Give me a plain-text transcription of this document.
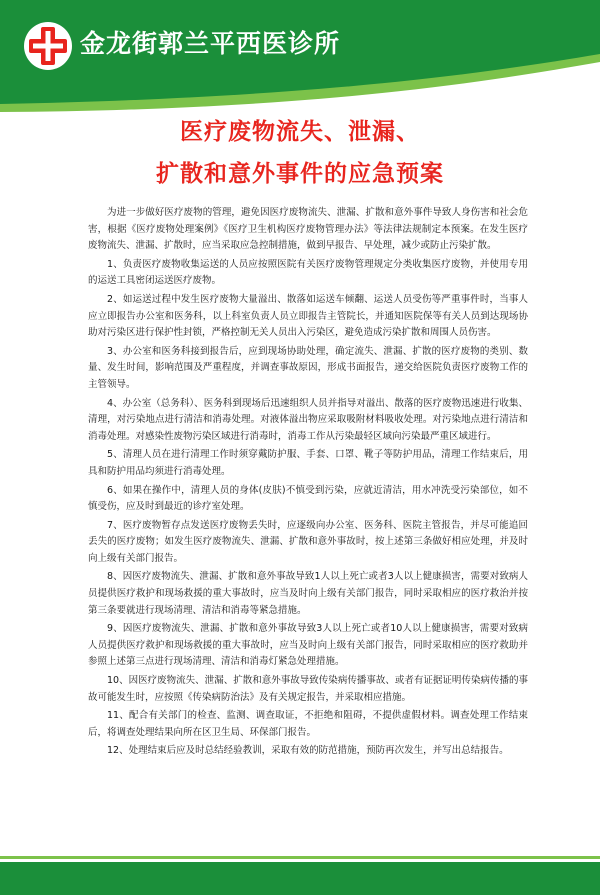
金龙街郭兰平西医诊所
医疗废物流失、泄漏、
扩散和意外事件的应急预案

为进一步做好医疗废物的管理，避免因医疗废物流失、泄漏、扩散和意外事件导致人身伤害和社会危害，根据《医疗废物处理案例》《医疗卫生机构医疗废物管理办法》等法律法规制定本预案。在发生医疗废物流失、泄漏、扩散时，应当采取应急控制措施，做到早报告、早处理，减少或防止污染扩散。

1、负责医疗废物收集运送的人员应按照医院有关医疗废物管理规定分类收集医疗废物，并使用专用的运送工具密闭运送医疗废物。

2、如运送过程中发生医疗废物大量溢出、散落如运送车倾翻、运送人员受伤等严重事件时，当事人应立即报告办公室和医务科，以上科室负责人员立即报告主管院长，并通知医院保等有关人员到达现场协助对污染区进行保护性封锁，严格控制无关人员出入污染区，避免造成污染扩散和周围人员伤害。

3、办公室和医务科接到报告后，应到现场协助处理，确定流失、泄漏、扩散的医疗废物的类别、数量、发生时间，影响范围及严重程度，并调查事故原因，形成书面报告，递交给医院负责医疗废物工作的主管领导。

4、办公室（总务科）、医务科到现场后迅速组织人员并指导对溢出、散落的医疗废物迅速进行收集、清理，对污染地点进行清洁和消毒处理。对液体溢出物应采取吸附材料吸收处理。对污染地点进行清洁和消毒处理。对感染性废物污染区域进行消毒时，消毒工作从污染最轻区域向污染最严重区域进行。

5、清理人员在进行清理工作时须穿戴防护服、手套、口罩、靴子等防护用品，清理工作结束后，用具和防护用品均须进行消毒处理。

6、如果在操作中，清理人员的身体(皮肤)不慎受到污染，应就近清洁，用水冲洗受污染部位，如不慎受伤，应及时到最近的诊疗室处理。

7、医疗废物暂存点发送医疗废物丢失时，应逐级向办公室、医务科、医院主管报告，并尽可能追回丢失的医疗废物；如发生医疗废物流失、泄漏、扩散和意外事故时，按上述第三条做好相应处理，并及时向上级有关部门报告。

8、因医疗废物流失、泄漏、扩散和意外事故导致1人以上死亡或者3人以上健康损害，需要对致病人员提供医疗救护和现场救援的重大事故时，应当及时向上级有关部门报告，同时采取相应的医疗救治并按第三条要就进行现场清理、清洁和消毒等紧急措施。

9、因医疗废物流失、泄漏、扩散和意外事故导致3人以上死亡或者10人以上健康损害，需要对致病人员提供医疗救护和现场救援的重大事故时，应当及时向上级有关部门报告，同时采取相应的医疗救助并参照上述第三点进行现场清理、清洁和消毒灯紧急处理措施。

10、因医疗废物流失、泄漏、扩散和意外事故导致传染病传播事故、或者有证据证明传染病传播的事故可能发生时，应按照《传染病防治法》及有关规定报告，并采取相应措施。

11、配合有关部门的检查、监测、调查取证，不拒绝和阻碍，不提供虚假材料。调查处理工作结束后，将调查处理结果向所在区卫生局、环保部门报告。

12、处理结束后应及时总结经验教训，采取有效的防范措施，预防再次发生，并写出总结报告。
